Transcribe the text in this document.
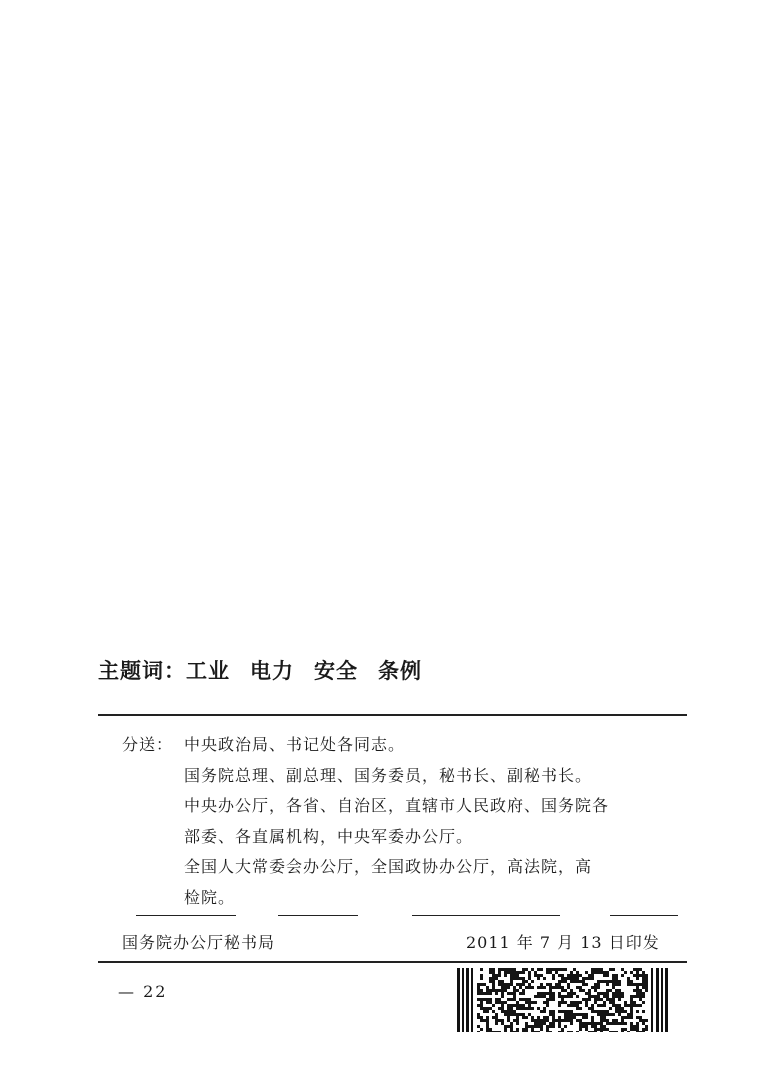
主题词：工业 电力 安全 条例
分送： 中央政治局、书记处各同志。
国务院总理、副总理、国务委员，秘书长、副秘书长。
中央办公厅，各省、自治区，直辖市人民政府、国务院各
部委、各直属机构，中央军委办公厅。
全国人大常委会办公厅，全国政协办公厅，高法院，高
检院。
国务院办公厅秘书局	2011 年 7 月 13 日印发
— 22
